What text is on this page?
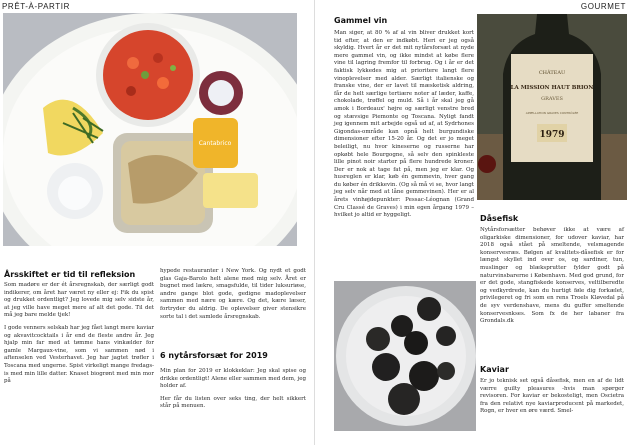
PRÊT-À-PARTIR	GOURMET
Cantabrico
Årsskiftet er tid til refleksion

Som madøre er der ét årsregnskab, der særligt godt indikerer, om året har været ny eller ej: Fik du spist og drukket ordentligt? Jeg lovede mig selv sidste år, at jeg ville have meget mere af alt det gode. Til det må jeg bare melde tjek!

I gode venners selskab har jeg fået langt mere kaviar og akvavitcocktails i år end de fleste andre år. Jeg hjalp min far med at tømme hans vinkælder for gamle Margaux-vine, som vi sammen nød i aftenselen ved Vesterhavet. Jeg har jagtet trøfler i Toscana med ungerne. Spist virkeligt mange fredags-is med min lille datter. Knaset biogrønt med min mor på

hypede restauranter i New York. Og nydt et godt glas Gaja-Barolo helt alene med mig selv. Året er bugnet med lækre, smagsfulde, til tider luksuriøse, andre gange blot gode, gedigne madoplevelser sammen med nære og kære. Og det, kære læser, fortryder du aldrig. De oplevelser giver stensikre sorte tal i det samlede årsregnskab.

6 nytårsforsæt for 2019

Min plan for 2019 er klokkeklar: Jeg skal spise og drikke ordentligt! Alene eller sammen med dem, jeg holder af.

Her får du listen over seks ting, der helt sikkert står på menuen.

Gammel vin

Man siger, at 80 % af al vin bliver drukket kort tid efter, at den er indkøbt. Heri er jeg også skyldig. Hvert år er det mit nytårsforsæt at nyde mere gammel vin, og ikke mindst at købe flere vine til lagring fremfor til forbrug. Og i år er det faktisk lykkedes mig at prioritere langt flere vinoplevelser med alder. Særligt italienske og franske vine, der er lavet til mæsketisk aldring, får de helt særlige tertiære noter af læder, kaffe, chokolade, trøffel og muld. Så i år skal jeg gå amok i Bordeaux' højre og særligt venstre bred og stævsige Piemonte og Toscana. Nyligt fandt jeg igennem mit arbejde også ud af, at Sydrhones Gigondas-område kan opnå helt burgundiske dimensioner efter 15-20 år. Og det er jo meget beleiligt, nu hvor kineserne og russerne har opkøbt hele Bourgogne, så selv den spinkleste lille pinot noir starter på flere hundrede kroner. Der er nok at tage fat på, men jeg er klar. Og husreglen er klar, køb én gemmevin, hver gang du køber én drikkevin. (Og så må vi se, hvor langt jeg selv når med at låne gemmevinen). Her er al årets vinhøjdepunkter: Pessac-Léognan (Grand Cru Classé de Graves) i min egen årgang 1979 – hvilket jo altid er hyggeligt.

CHÂTEAU
LA MISSION HAUT BRION
GRAVES
APPELLATION GRAVES CONTRÔLÉE
1979
Dåsefisk

Nytårsforsætter behøver ikke at være af oligarkiske dimensioner, for udover kaviar, har 2018 også stået på smeltende, velsmagende konservesræs. Bølgen af kvalitets-dåsefisk er for længst skyllet ind over os, og sardiner, tun, muslinger og blæksprutter fylder godt på naturvinsbarerne i København. Med god grund, for er det gode, stangfiskede konserves, veltilberedte og vedkyrdrede, kan du hurtigt føle dig forkælet, privilegeret og fri som en rens Troels Kløvedal på de syv verdenshave, mens du guffer smeltende konservesnkses. Som fx de her labaner fra Grondals.dk

Kaviar

Er jo teknisk set også dåsefisk, men en af de lidt værre guilty pleasures -hvis man spørger revisoren. For kaviar er bekosteligt, men Oscietra fra den relativt nye kaviarproducent på markedet, Rogn, er hver en øre værd. Smel-
